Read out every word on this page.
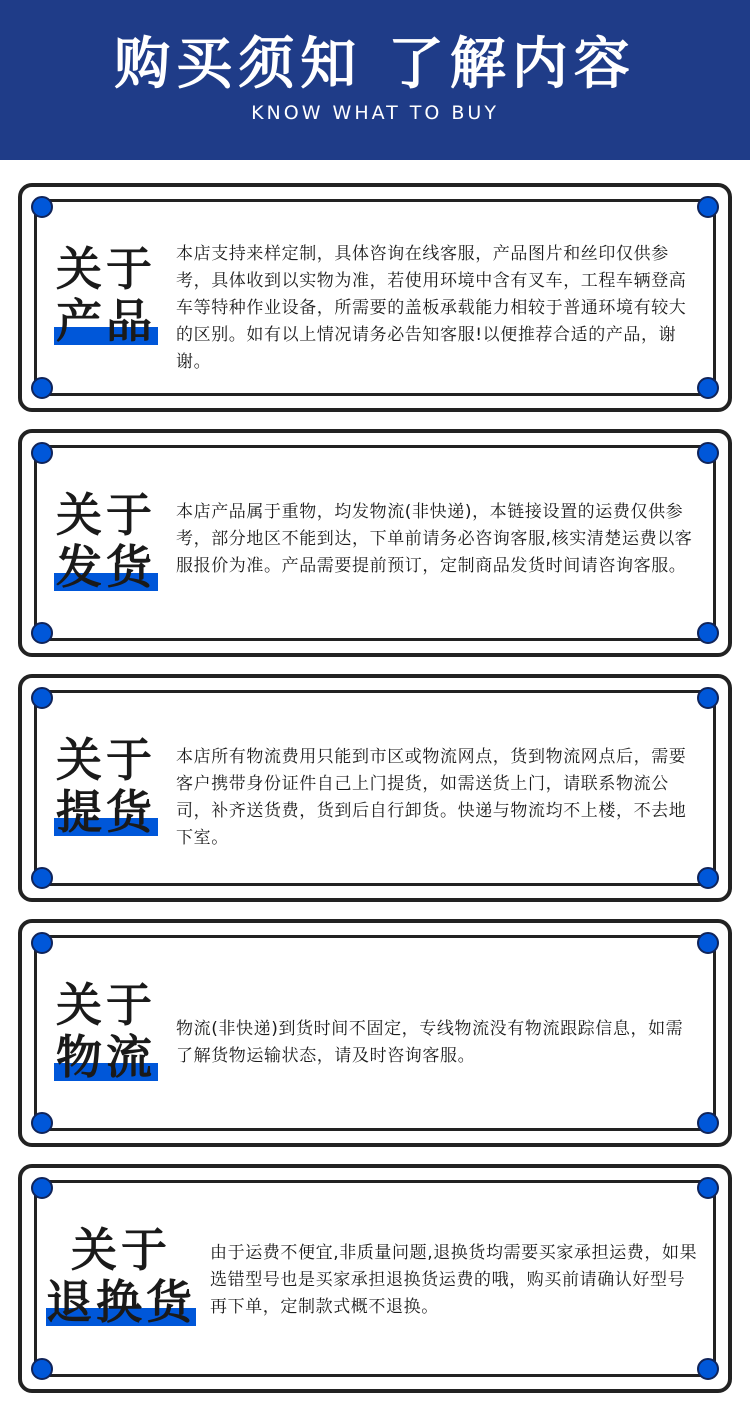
购买须知 了解内容
KNOW WHAT TO BUY
关于
产品
本店支持来样定制，具体咨询在线客服，产品图片和丝印仅供参考，具体收到以实物为准，若使用环境中含有叉车，工程车辆登高车等特种作业设备，所需要的盖板承载能力相较于普通环境有较大的区别。如有以上情况请务必告知客服!以便推荐合适的产品，谢谢。
关于
发货
本店产品属于重物，均发物流(非快递)，本链接设置的运费仅供参考，部分地区不能到达，下单前请务必咨询客服,核实清楚运费以客服报价为准。产品需要提前预订，定制商品发货时间请咨询客服。
关于
提货
本店所有物流费用只能到市区或物流网点，货到物流网点后，需要客户携带身份证件自己上门提货，如需送货上门，请联系物流公司，补齐送货费，货到后自行卸货。快递与物流均不上楼，不去地下室。
关于
物流
物流(非快递)到货时间不固定，专线物流没有物流跟踪信息，如需了解货物运输状态，请及时咨询客服。
关于
退换货
由于运费不便宜,非质量问题,退换货均需要买家承担运费，如果选错型号也是买家承担退换货运费的哦，购买前请确认好型号再下单，定制款式概不退换。
